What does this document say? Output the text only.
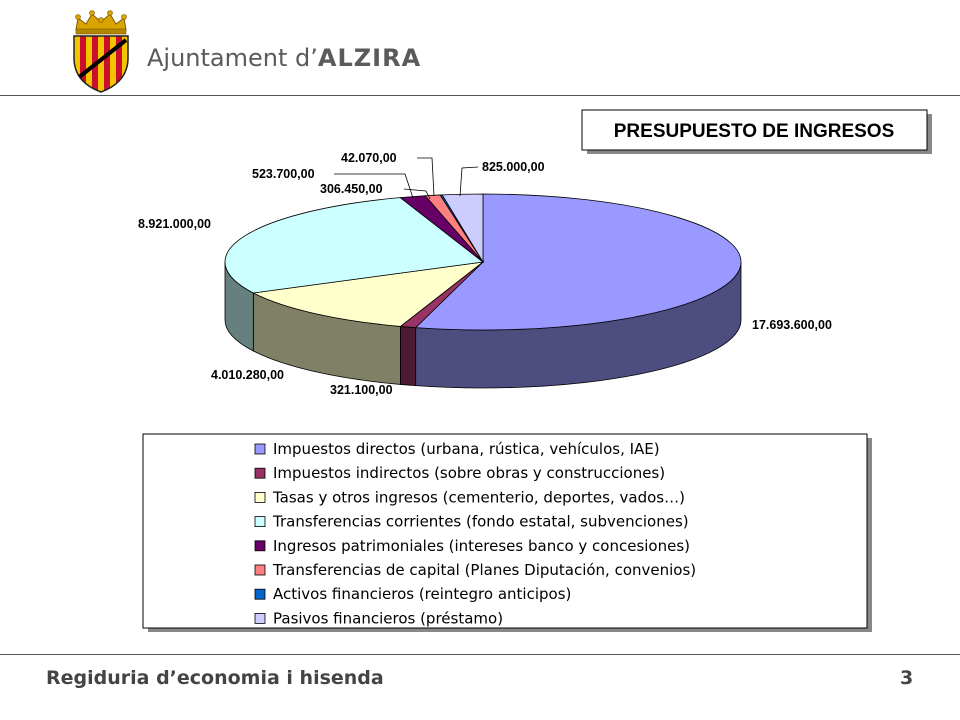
Ajuntament d’ALZIRA
Regiduria d’economia i hisenda	3
PRESUPUESTO DE INGRESOS
17.693.600,00
321.100,00
4.010.280,00
8.921.000,00
523.700,00
306.450,00
42.070,00
825.000,00
Impuestos directos (urbana, rústica, vehículos, IAE)
Impuestos indirectos (sobre obras y construcciones)
Tasas y otros ingresos (cementerio, deportes, vados…)
Transferencias corrientes (fondo estatal, subvenciones)
Ingresos patrimoniales (intereses banco y concesiones)
Transferencias de capital (Planes Diputación, convenios)
Activos financieros (reintegro anticipos)
Pasivos financieros (préstamo)
